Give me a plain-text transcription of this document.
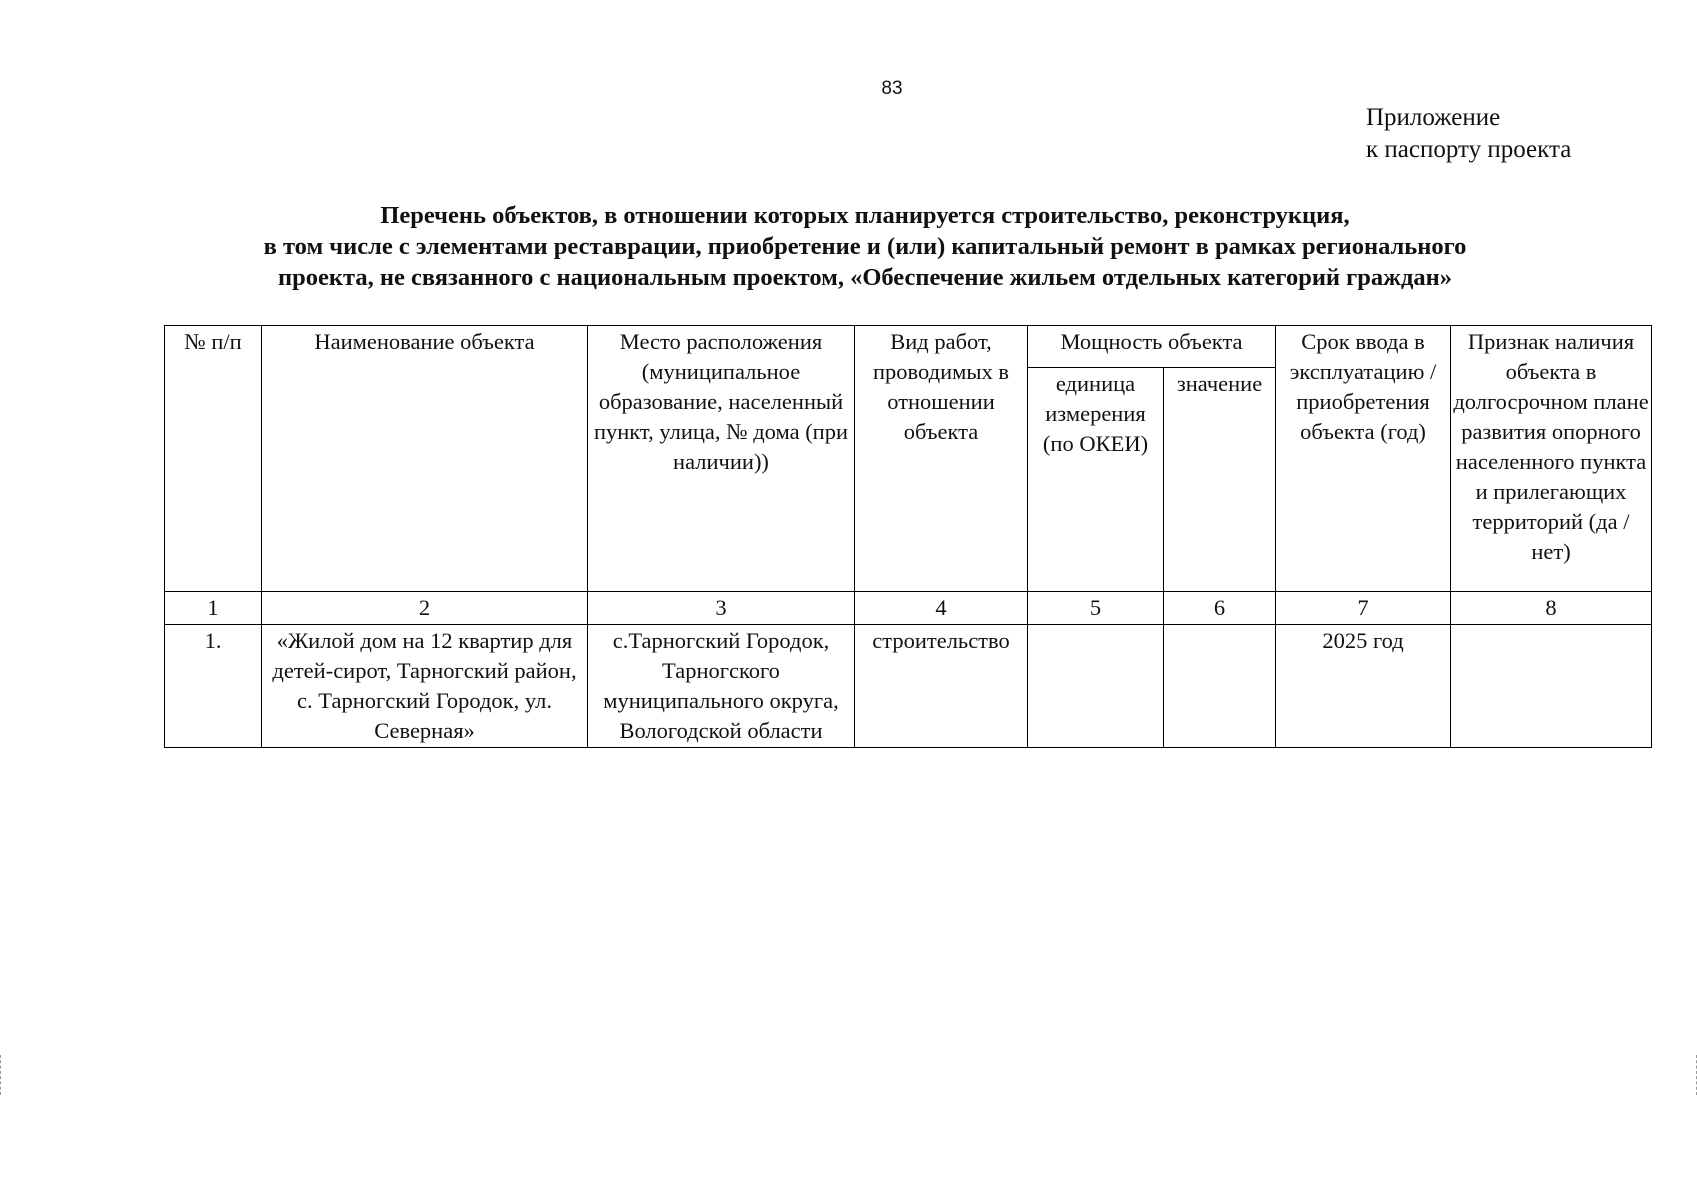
83
Приложение
к паспорту проекта
Перечень объектов, в отношении которых планируется строительство, реконструкция,
в том числе с элементами реставрации, приобретение и (или) капитальный ремонт в рамках регионального
проекта, не связанного с национальным проектом, «Обеспечение жильем отдельных категорий граждан»
№ п/п	Наименование объекта	Место расположения (муниципальное образование, населенный пункт, улица, № дома (при наличии))	Вид работ, проводимых в отношении объекта	Мощность объекта		Срок ввода в эксплуатацию /приобретения объекта (год)	Признак наличия объекта в долгосрочном плане развития опорного населенного пункта и прилегающих территорий (да / нет)
				единица измерения (по ОКЕИ)	значение		
1	2	3	4	5	6	7	8
1.	«Жилой дом на 12 квартир для детей-сирот, Тарногский район, с. Тарногский Городок, ул. Северная»	с.Тарногский Городок, Тарногского муниципального округа, Вологодской области	строительство			2025 год	
